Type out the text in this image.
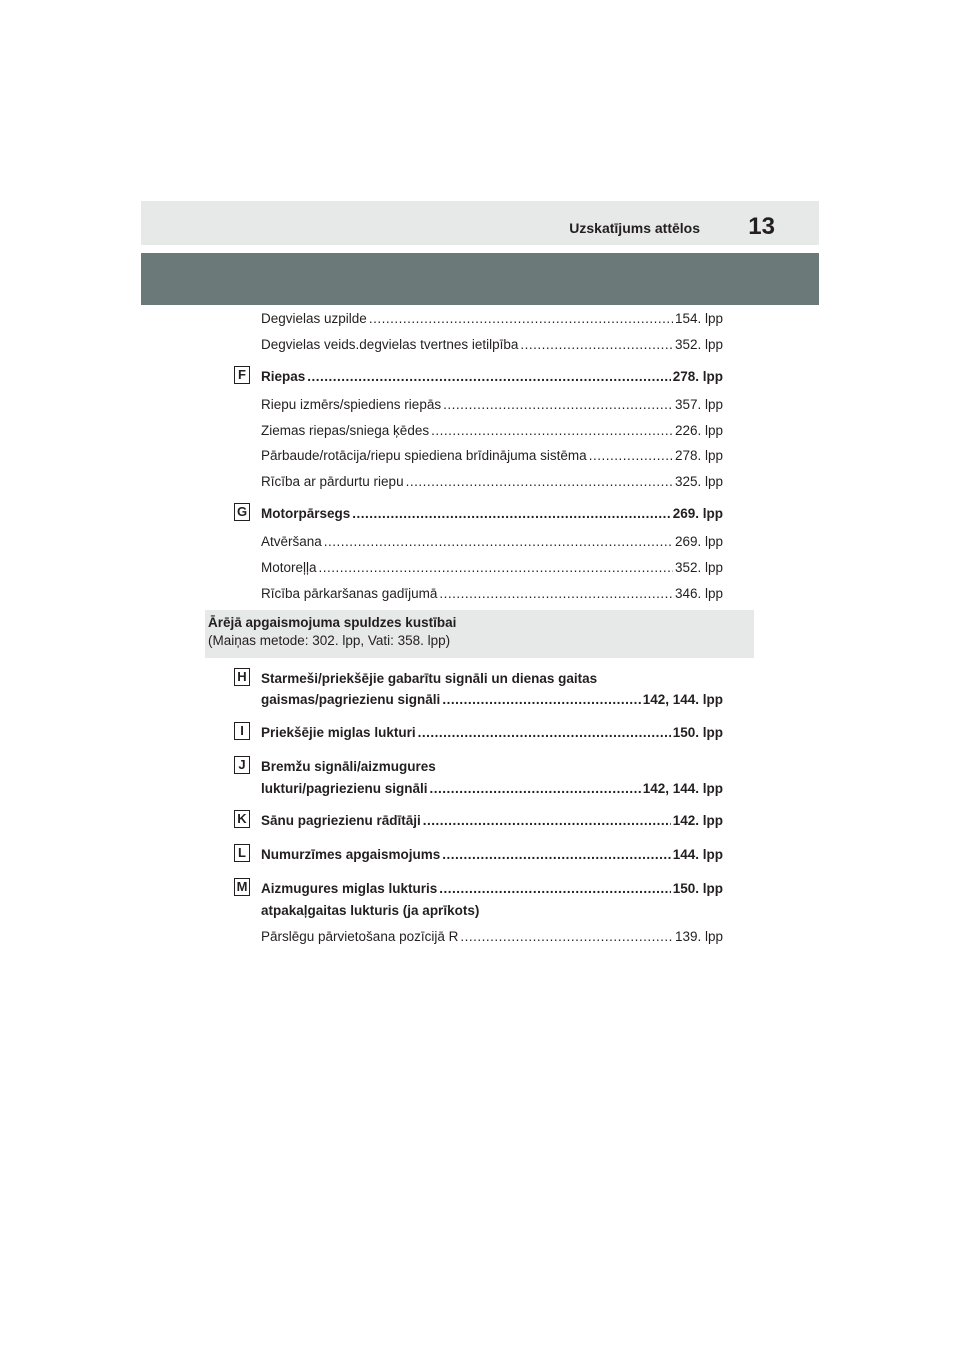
Uzskatījums attēlos 13
Degvielas uzpilde .....	154. lpp
Degvielas veids.degvielas tvertnes ietilpība .....	352. lpp
F Riepas .....	278. lpp
Riepu izmērs/spiediens riepās .....	357. lpp
Ziemas riepas/sniega ķēdes .....	226. lpp
Pārbaude/rotācija/riepu spiediena brīdinājuma sistēma .....	278. lpp
Rīcība ar pārdurtu riepu .....	325. lpp
G Motorpārsegs .....	269. lpp
Atvēršana .....	269. lpp
Motoreļļa .....	352. lpp
Rīcība pārkaršanas gadījumā .....	346. lpp
Ārējā apgaismojuma spuldzes kustībai
(Maiņas metode: 302. lpp, Vati: 358. lpp)
H Starmeši/priekšējie gabarītu signāli un dienas gaitas
gaismas/pagriezienu signāli .....	142, 144. lpp
I	Priekšējie miglas lukturi .....	150. lpp
J	Bremžu signāli/aizmugures
lukturi/pagriezienu signāli .....	142, 144. lpp
K Sānu pagriezienu rādītāji .....	142. lpp
L Numurzīmes apgaismojums .....	144. lpp
M Aizmugures miglas lukturis .....	150. lpp
atpakaļgaitas lukturis (ja aprīkots)
Pārslēgu pārvietošana pozīcijā R .....	139. lpp
